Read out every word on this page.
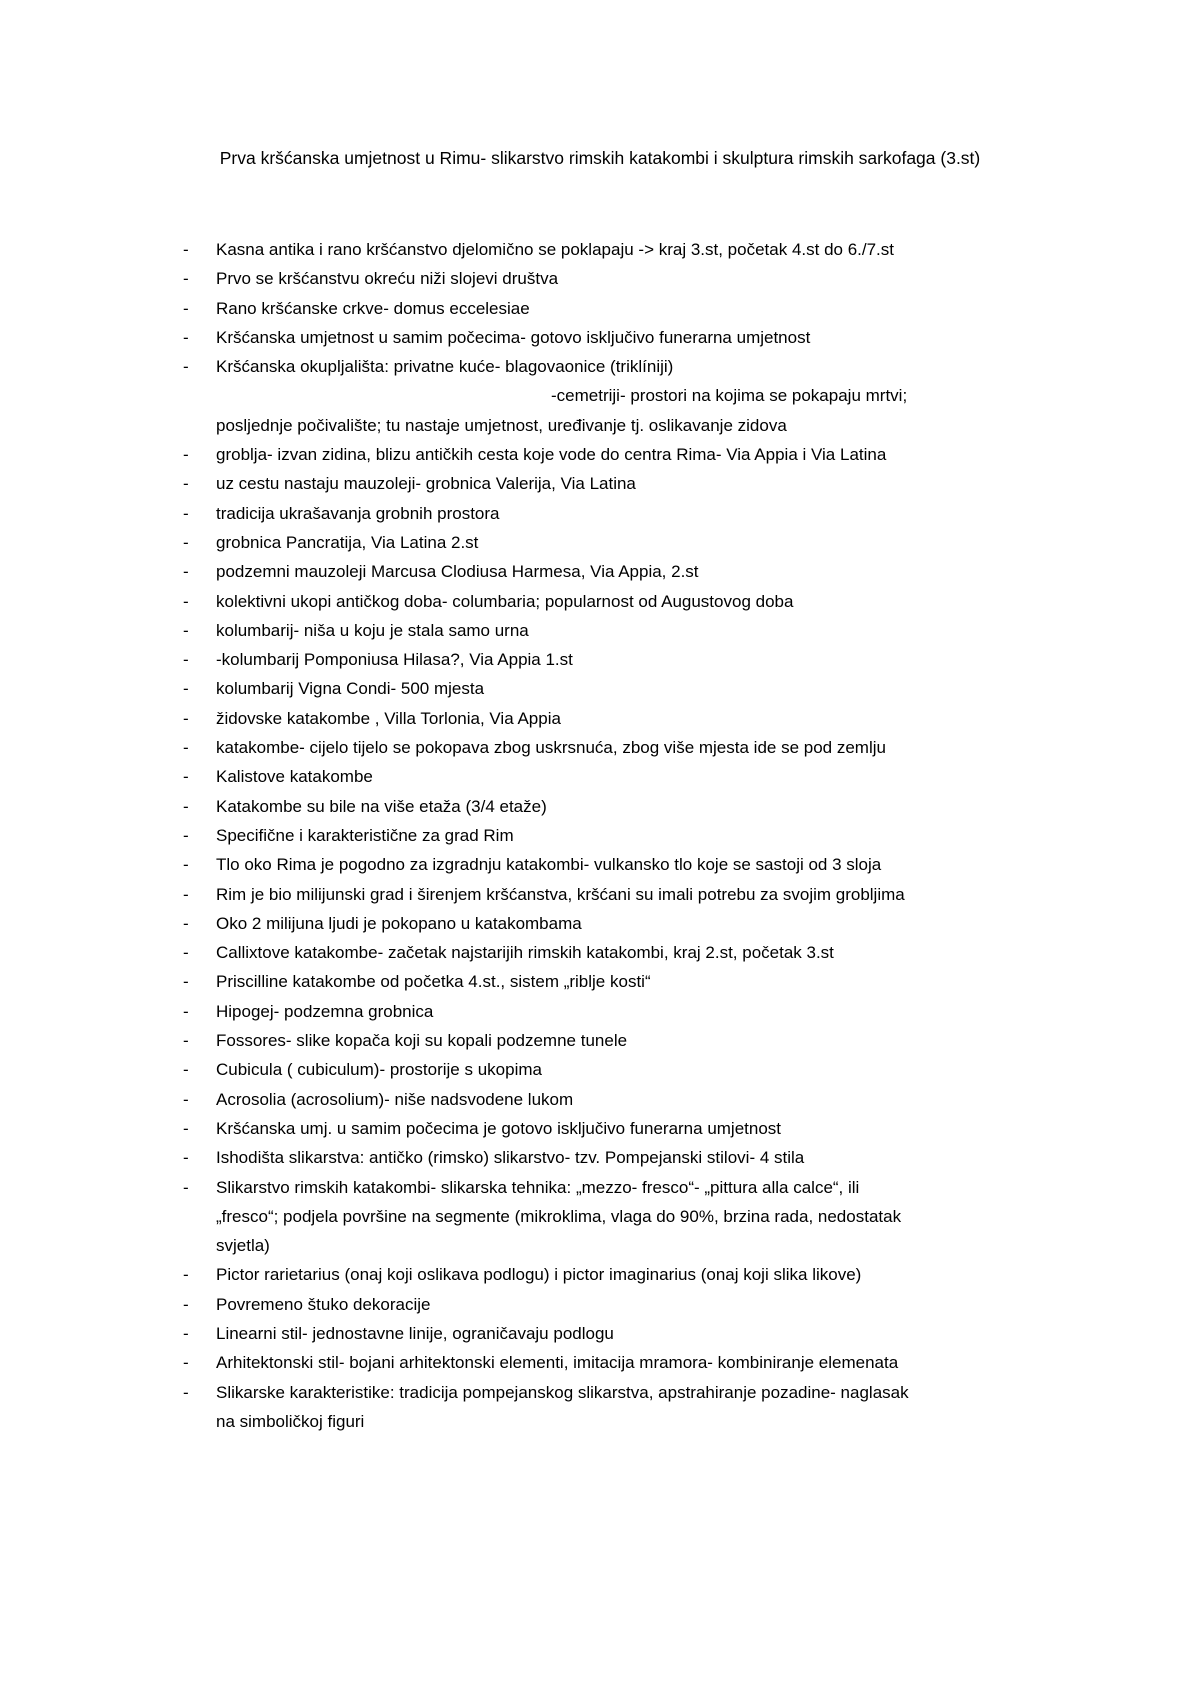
Prva kršćanska umjetnost u Rimu- slikarstvo rimskih katakombi i skulptura rimskih sarkofaga (3.st)
- Kasna antika i rano kršćanstvo djelomično se poklapaju -> kraj 3.st, početak 4.st do 6./7.st
- Prvo se kršćanstvu okreću niži slojevi društva
- Rano kršćanske crkve- domus eccelesiae
- Kršćanska umjetnost u samim počecima- gotovo isključivo funerarna umjetnost
- Kršćanska okupljališta: privatne kuće- blagovaonice (triklíniji)
-cemetriji- prostori na kojima se pokapaju mrtvi;
posljednje počivalište; tu nastaje umjetnost, uređivanje tj. oslikavanje zidova
- groblja- izvan zidina, blizu antičkih cesta koje vode do centra Rima- Via Appia i Via Latina
- uz cestu nastaju mauzoleji- grobnica Valerija, Via Latina
- tradicija ukrašavanja grobnih prostora
- grobnica Pancratija, Via Latina 2.st
- podzemni mauzoleji Marcusa Clodiusa Harmesa, Via Appia, 2.st
- kolektivni ukopi antičkog doba- columbaria; popularnost od Augustovog doba
- kolumbarij- niša u koju je stala samo urna
- -kolumbarij Pomponiusa Hilasa?, Via Appia 1.st
- kolumbarij Vigna Condi- 500 mjesta
- židovske katakombe , Villa Torlonia, Via Appia
- katakombe- cijelo tijelo se pokopava zbog uskrsnuća, zbog više mjesta ide se pod zemlju
- Kalistove katakombe
- Katakombe su bile na više etaža (3/4 etaže)
- Specifične i karakteristične za grad Rim
- Tlo oko Rima je pogodno za izgradnju katakombi- vulkansko tlo koje se sastoji od 3 sloja
- Rim je bio milijunski grad i širenjem kršćanstva, kršćani su imali potrebu za svojim grobljima
- Oko 2 milijuna ljudi je pokopano u katakombama
- Callixtove katakombe- začetak najstarijih rimskih katakombi, kraj 2.st, početak 3.st
- Priscilline katakombe od početka 4.st., sistem „riblje kosti“
- Hipogej- podzemna grobnica
- Fossores- slike kopača koji su kopali podzemne tunele
- Cubicula ( cubiculum)- prostorije s ukopima
- Acrosolia (acrosolium)- niše nadsvodene lukom
- Kršćanska umj. u samim počecima je gotovo isključivo funerarna umjetnost
- Ishodišta slikarstva: antičko (rimsko) slikarstvo- tzv. Pompejanski stilovi- 4 stila
- Slikarstvo rimskih katakombi- slikarska tehnika: „mezzo- fresco“- „pittura alla calce“, ili
„fresco“; podjela površine na segmente (mikroklima, vlaga do 90%, brzina rada, nedostatak
svjetla)
- Pictor rarietarius (onaj koji oslikava podlogu) i pictor imaginarius (onaj koji slika likove)
- Povremeno štuko dekoracije
- Linearni stil- jednostavne linije, ograničavaju podlogu
- Arhitektonski stil- bojani arhitektonski elementi, imitacija mramora- kombiniranje elemenata
- Slikarske karakteristike: tradicija pompejanskog slikarstva, apstrahiranje pozadine- naglasak
na simboličkoj figuri
